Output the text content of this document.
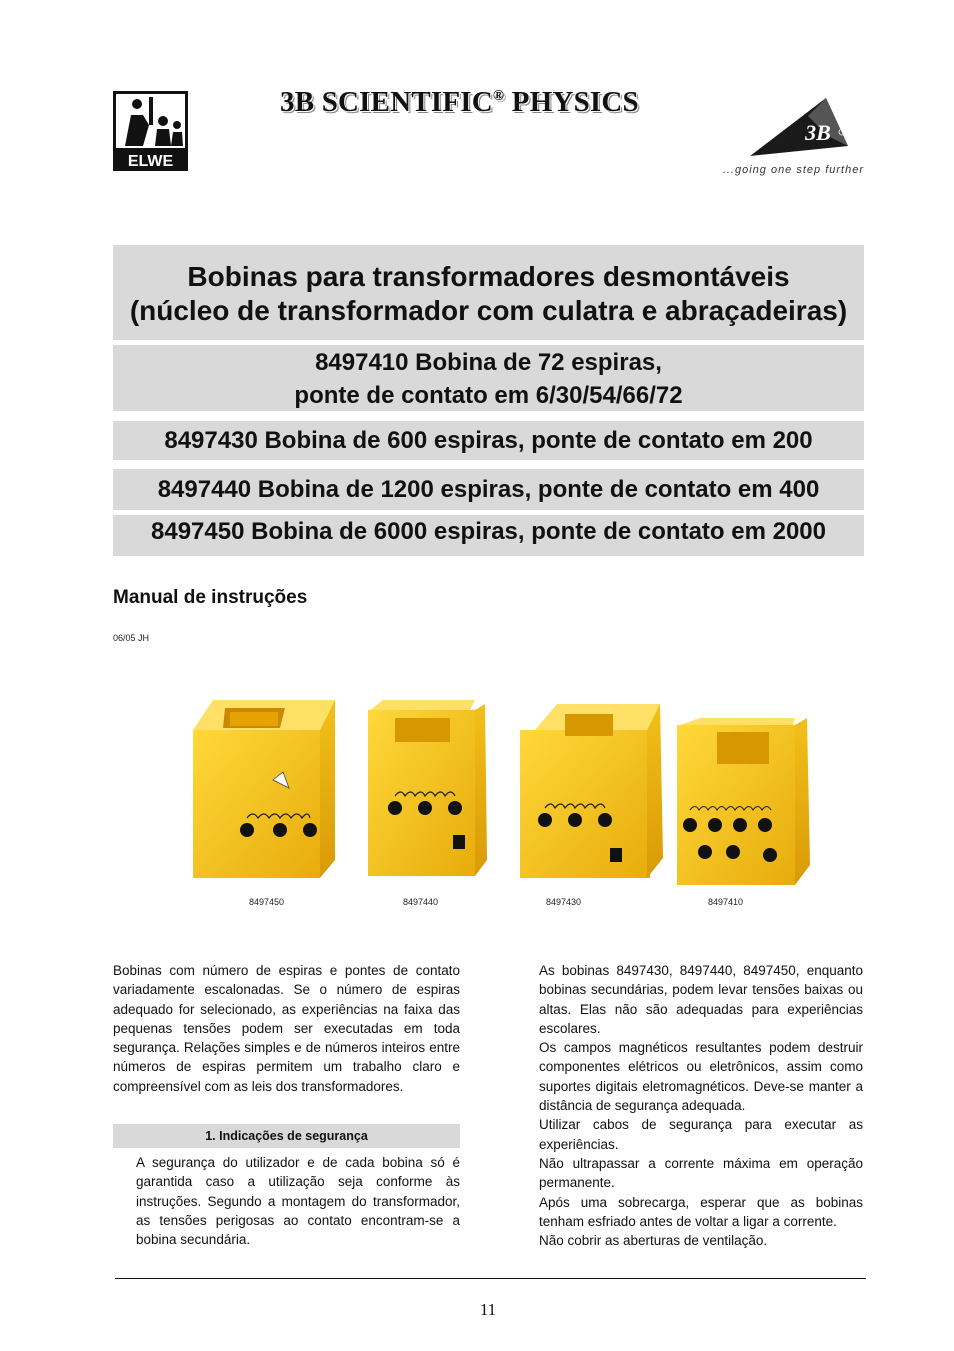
ELWE
3B SCIENTIFIC® PHYSICS
3B
...going one step further
Bobinas para transformadores desmontáveis
(núcleo de transformador com culatra e abraçadeiras)
8497410 Bobina de 72 espiras,
ponte de contato em 6/30/54/66/72
8497430 Bobina de 600 espiras, ponte de contato em 200
8497440 Bobina de 1200 espiras, ponte de contato em 400
8497450 Bobina de 6000 espiras, ponte de contato em 2000
Manual de instruções
06/05 JH
8497450	8497440	8497430	8497410

Bobinas com número de espiras e pontes de contato variadamente escalonadas. Se o número de espiras adequado for selecionado, as experiências na faixa das pequenas tensões podem ser executadas em toda segurança. Relações simples e de números inteiros entre números de espiras permitem um trabalho claro e compreensível com as leis dos transformadores.

1. Indicações de segurança

A segurança do utilizador e de cada bobina só é garantida caso a utilização seja conforme às instruções. Segundo a montagem do transformador, as tensões perigosas ao contato encontram-se a bobina secundária.

As bobinas 8497430, 8497440, 8497450, enquanto bobinas secundárias, podem levar tensões baixas ou altas. Elas não são adequadas para experiências escolares.

Os campos magnéticos resultantes podem destruir componentes elétricos ou eletrônicos, assim como suportes digitais eletromagnéticos. Deve-se manter a distância de segurança adequada.

Utilizar cabos de segurança para executar as experiências.

Não ultrapassar a corrente máxima em operação permanente.

Após uma sobrecarga, esperar que as bobinas tenham esfriado antes de voltar a ligar a corrente.

Não cobrir as aberturas de ventilação.

11
